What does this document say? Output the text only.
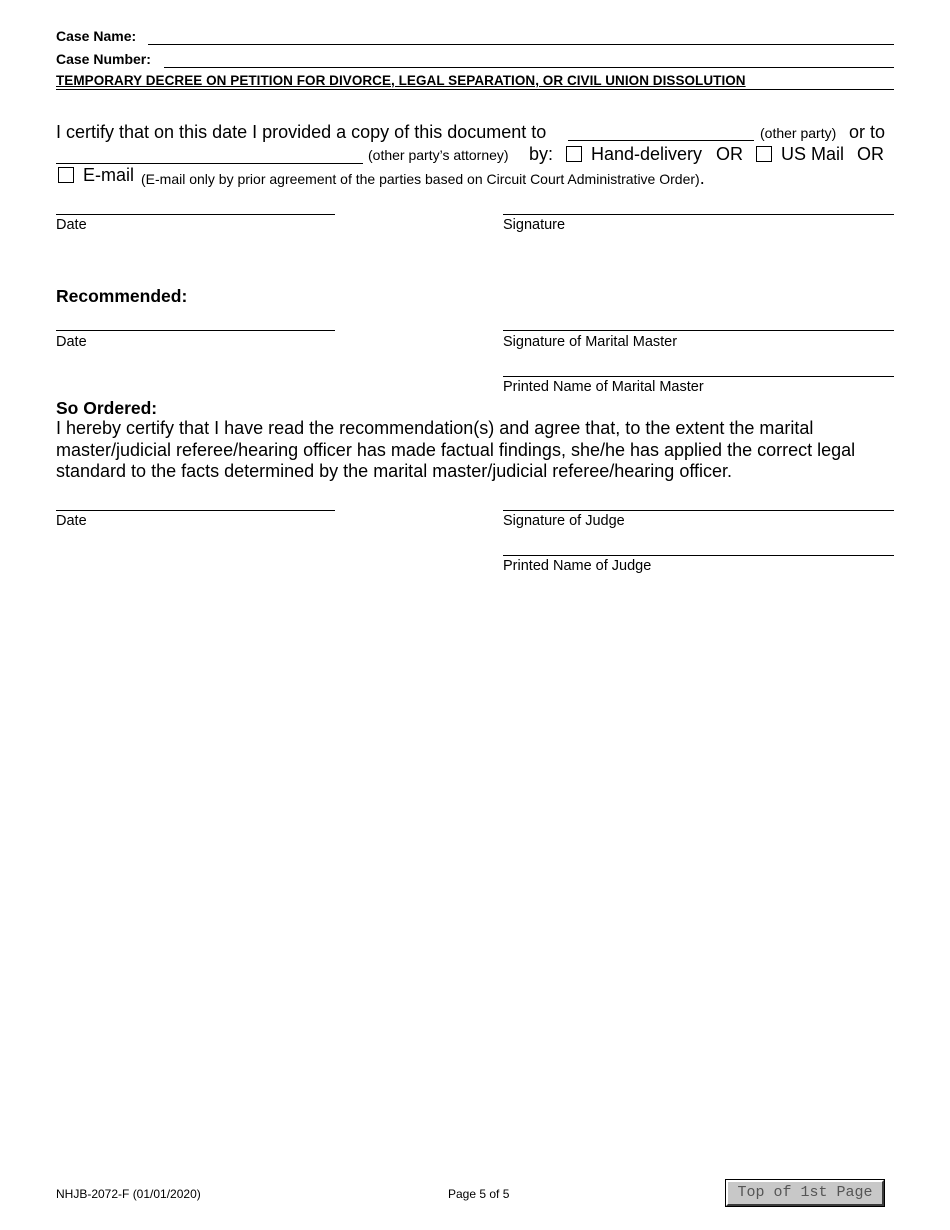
Case Name:
Case Number:
TEMPORARY DECREE ON PETITION FOR DIVORCE, LEGAL SEPARATION, OR CIVIL UNION DISSOLUTION
I certify that on this date I provided a copy of this document to	(other party) or to
(other party’s attorney) by: Hand-delivery OR US Mail OR
E-mail (E-mail only by prior agreement of the parties based on Circuit Court Administrative Order).
Date	Signature
Recommended:
Date	Signature of Marital Master
Printed Name of Marital Master
So Ordered:
I hereby certify that I have read the recommendation(s) and agree that, to the extent the marital master/judicial referee/hearing officer has made factual findings, she/he has applied the correct legal standard to the facts determined by the marital master/judicial referee/hearing officer.
Date	Signature of Judge
Printed Name of Judge
NHJB-2072-F (01/01/2020)	Page 5 of 5	Top of 1st Page
